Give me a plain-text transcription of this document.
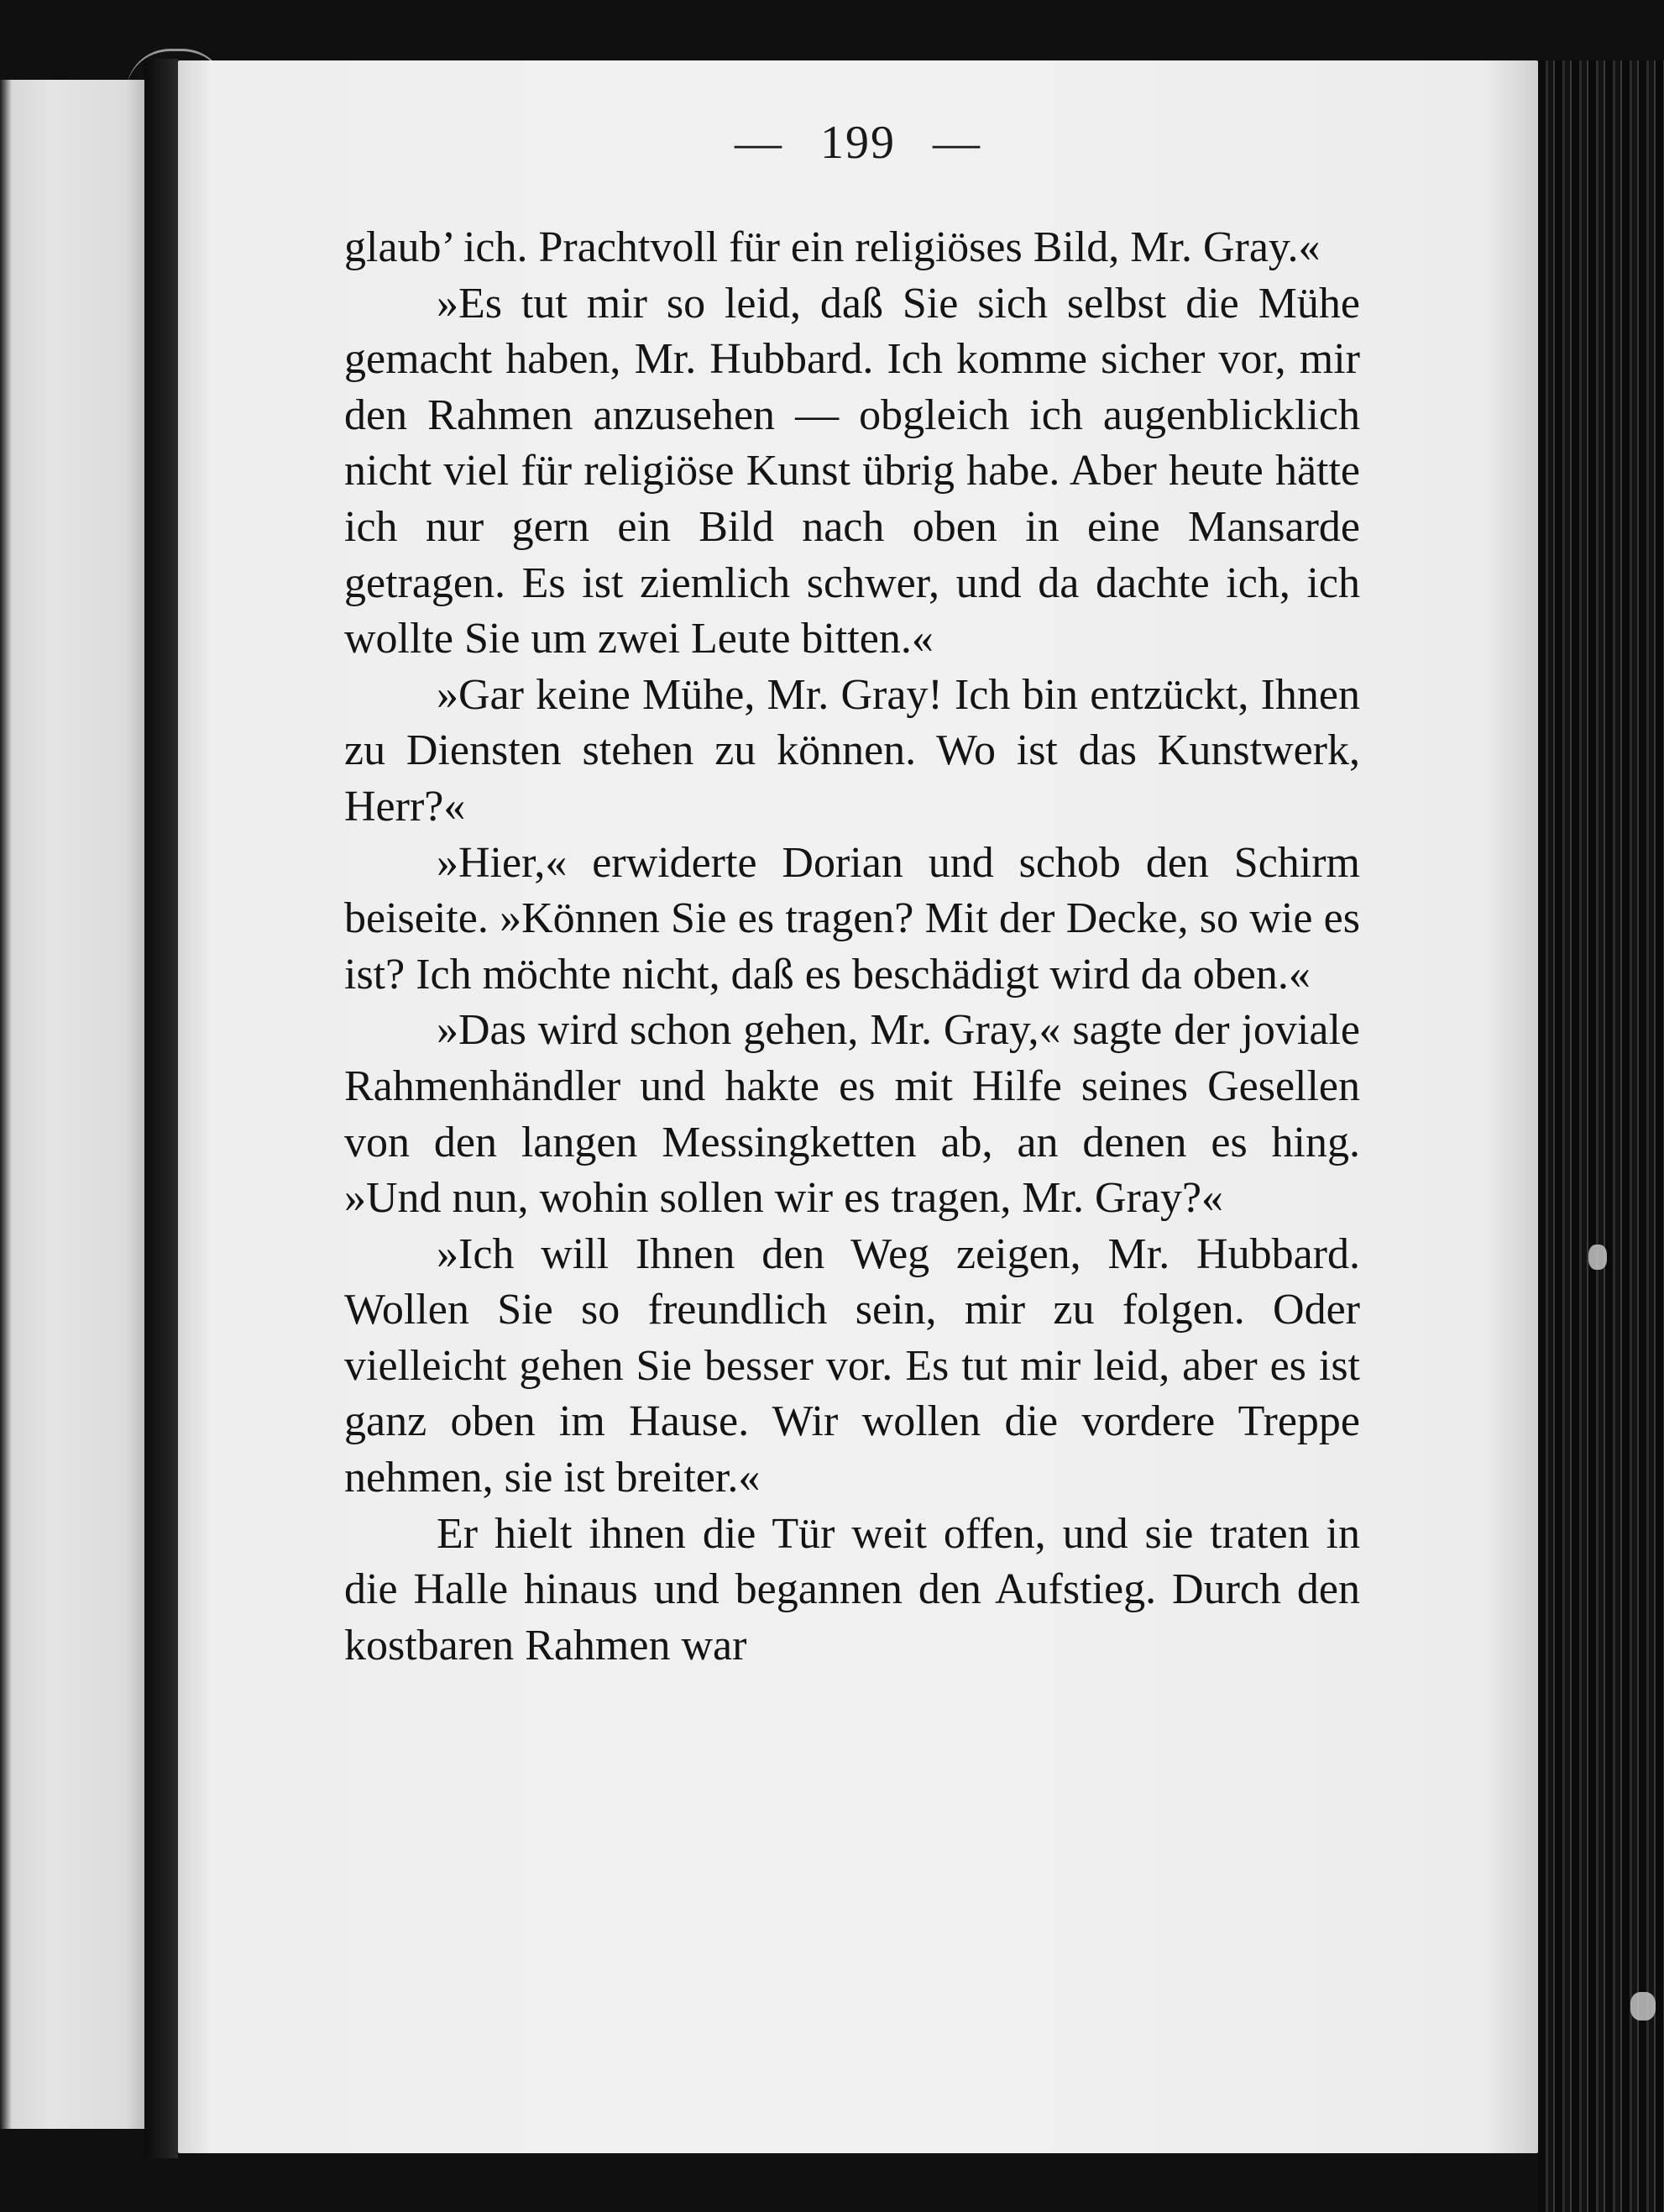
— 199 —

glaub’ ich. Prachtvoll für ein religiöses Bild, Mr. Gray.«

»Es tut mir so leid, daß Sie sich selbst die Mühe gemacht haben, Mr. Hubbard. Ich komme sicher vor, mir den Rahmen anzusehen — obgleich ich augenblicklich nicht viel für religiöse Kunst übrig habe. Aber heute hätte ich nur gern ein Bild nach oben in eine Mansarde getragen. Es ist ziemlich schwer, und da dachte ich, ich wollte Sie um zwei Leute bitten.«

»Gar keine Mühe, Mr. Gray! Ich bin entzückt, Ihnen zu Diensten stehen zu können. Wo ist das Kunstwerk, Herr?«

»Hier,« erwiderte Dorian und schob den Schirm beiseite. »Können Sie es tragen? Mit der Decke, so wie es ist? Ich möchte nicht, daß es beschädigt wird da oben.«

»Das wird schon gehen, Mr. Gray,« sagte der joviale Rahmenhändler und hakte es mit Hilfe seines Gesellen von den langen Messingketten ab, an denen es hing. »Und nun, wohin sollen wir es tragen, Mr. Gray?«

»Ich will Ihnen den Weg zeigen, Mr. Hubbard. Wollen Sie so freundlich sein, mir zu folgen. Oder vielleicht gehen Sie besser vor. Es tut mir leid, aber es ist ganz oben im Hause. Wir wollen die vordere Treppe nehmen, sie ist breiter.«

Er hielt ihnen die Tür weit offen, und sie traten in die Halle hinaus und begannen den Aufstieg. Durch den kostbaren Rahmen war
